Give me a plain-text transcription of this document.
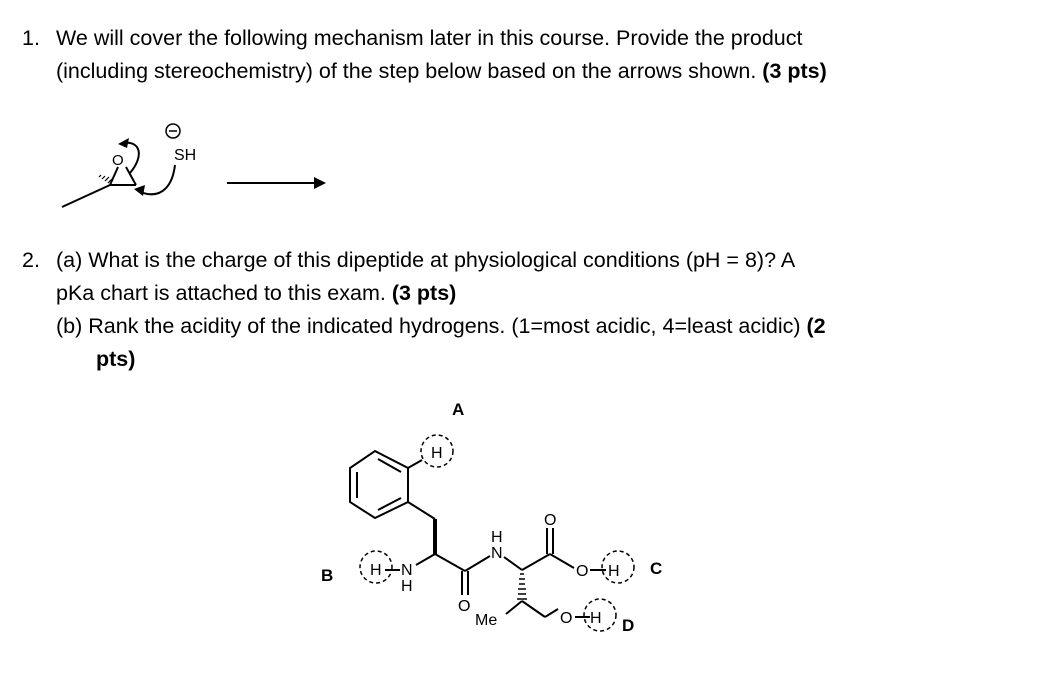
1. We will cover the following mechanism later in this course. Provide the product
(including stereochemistry) of the step below based on the arrows shown. (3 pts)
O	SH
2. (a) What is the charge of this dipeptide at physiological conditions (pH = 8)? A
pKa chart is attached to this exam. (3 pts)
(b) Rank the acidity of the indicated hydrogens. (1=most acidic, 4=least acidic) (2
pts)
H
H N
H
O
H
N
O
O H
O H
Me
A
B	C
D
